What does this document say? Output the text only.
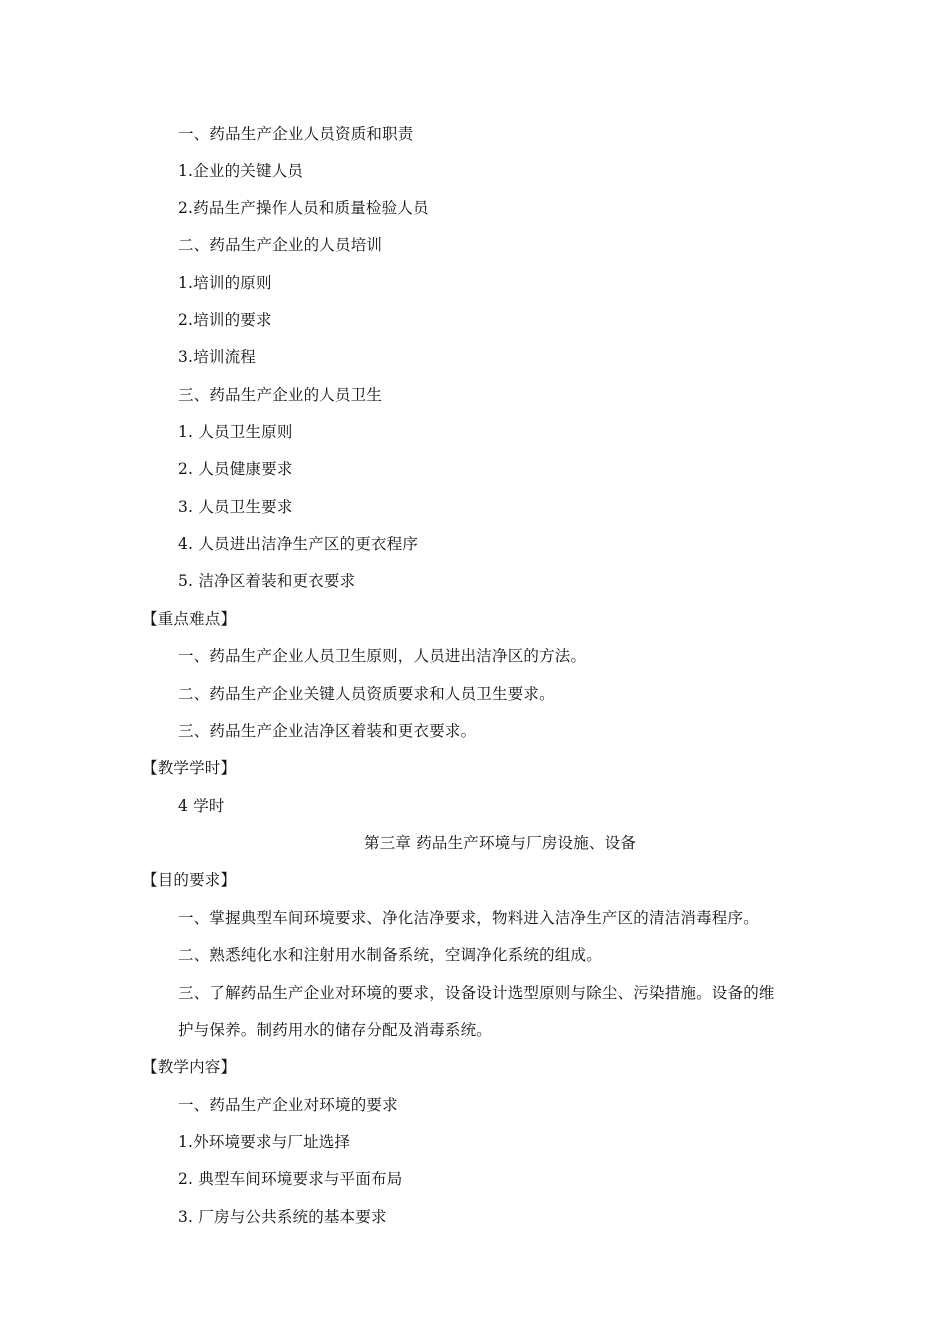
一、药品生产企业人员资质和职责
1.企业的关键人员
2.药品生产操作人员和质量检验人员
二、药品生产企业的人员培训
1.培训的原则
2.培训的要求
3.培训流程
三、药品生产企业的人员卫生
1. 人员卫生原则
2. 人员健康要求
3. 人员卫生要求
4. 人员进出洁净生产区的更衣程序
5. 洁净区着装和更衣要求
【重点难点】
一、药品生产企业人员卫生原则，人员进出洁净区的方法。
二、药品生产企业关键人员资质要求和人员卫生要求。
三、药品生产企业洁净区着装和更衣要求。
【教学学时】
4 学时
第三章 药品生产环境与厂房设施、设备
【目的要求】
一、掌握典型车间环境要求、净化洁净要求，物料进入洁净生产区的清洁消毒程序。
二、熟悉纯化水和注射用水制备系统，空调净化系统的组成。
三、了解药品生产企业对环境的要求，设备设计选型原则与除尘、污染措施。设备的维
护与保养。制药用水的储存分配及消毒系统。
【教学内容】
一、药品生产企业对环境的要求
1.外环境要求与厂址选择
2. 典型车间环境要求与平面布局
3. 厂房与公共系统的基本要求
